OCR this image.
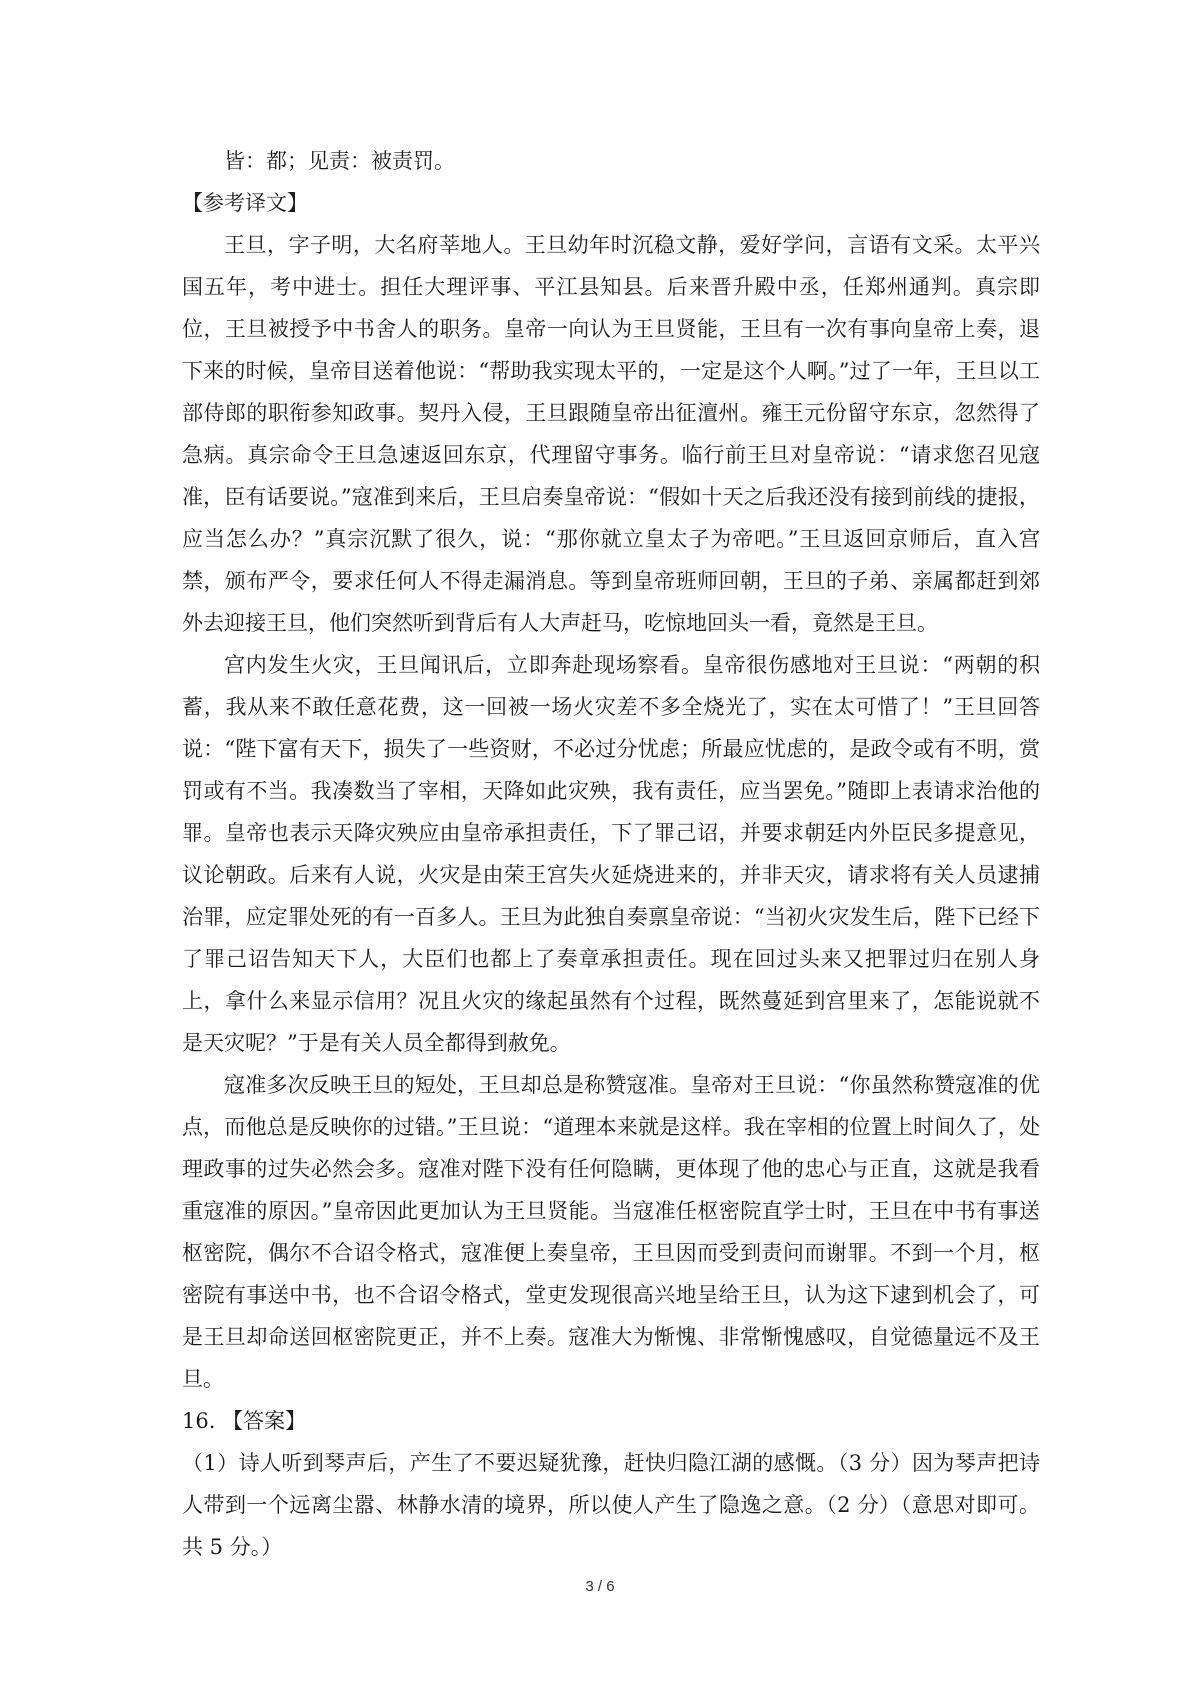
皆：都；见责：被责罚。

【参考译文】

王旦，字子明，大名府莘地人。王旦幼年时沉稳文静，爱好学问，言语有文采。太平兴国五年，考中进士。担任大理评事、平江县知县。后来晋升殿中丞，任郑州通判。真宗即位，王旦被授予中书舍人的职务。皇帝一向认为王旦贤能，王旦有一次有事向皇帝上奏，退下来的时候，皇帝目送着他说：“帮助我实现太平的，一定是这个人啊。”过了一年，王旦以工部侍郎的职衔参知政事。契丹入侵，王旦跟随皇帝出征澶州。雍王元份留守东京，忽然得了急病。真宗命令王旦急速返回东京，代理留守事务。临行前王旦对皇帝说：“请求您召见寇准，臣有话要说。”寇准到来后，王旦启奏皇帝说：“假如十天之后我还没有接到前线的捷报，应当怎么办？”真宗沉默了很久，说：“那你就立皇太子为帝吧。”王旦返回京师后，直入宫禁，颁布严令，要求任何人不得走漏消息。等到皇帝班师回朝，王旦的子弟、亲属都赶到郊外去迎接王旦，他们突然听到背后有人大声赶马，吃惊地回头一看，竟然是王旦。

宫内发生火灾，王旦闻讯后，立即奔赴现场察看。皇帝很伤感地对王旦说：“两朝的积蓄，我从来不敢任意花费，这一回被一场火灾差不多全烧光了，实在太可惜了！”王旦回答说：“陛下富有天下，损失了一些资财，不必过分忧虑；所最应忧虑的，是政令或有不明，赏罚或有不当。我凑数当了宰相，天降如此灾殃，我有责任，应当罢免。”随即上表请求治他的罪。皇帝也表示天降灾殃应由皇帝承担责任，下了罪己诏，并要求朝廷内外臣民多提意见，议论朝政。后来有人说，火灾是由荣王宫失火延烧进来的，并非天灾，请求将有关人员逮捕治罪，应定罪处死的有一百多人。王旦为此独自奏禀皇帝说：“当初火灾发生后，陛下已经下了罪己诏告知天下人，大臣们也都上了奏章承担责任。现在回过头来又把罪过归在别人身上，拿什么来显示信用？况且火灾的缘起虽然有个过程，既然蔓延到宫里来了，怎能说就不是天灾呢？”于是有关人员全都得到赦免。

寇准多次反映王旦的短处，王旦却总是称赞寇准。皇帝对王旦说：“你虽然称赞寇准的优点，而他总是反映你的过错。”王旦说：“道理本来就是这样。我在宰相的位置上时间久了，处理政事的过失必然会多。寇准对陛下没有任何隐瞒，更体现了他的忠心与正直，这就是我看重寇准的原因。”皇帝因此更加认为王旦贤能。当寇准任枢密院直学士时，王旦在中书有事送枢密院，偶尔不合诏令格式，寇准便上奏皇帝，王旦因而受到责问而谢罪。不到一个月，枢密院有事送中书，也不合诏令格式，堂吏发现很高兴地呈给王旦，认为这下逮到机会了，可是王旦却命送回枢密院更正，并不上奏。寇准大为惭愧、非常惭愧感叹，自觉德量远不及王旦。

16. 【答案】

（1）诗人听到琴声后，产生了不要迟疑犹豫，赶快归隐江湖的感慨。（3 分）因为琴声把诗人带到一个远离尘嚣、林静水清的境界，所以使人产生了隐逸之意。（2 分）（意思对即可。共 5 分。）

3 / 6
